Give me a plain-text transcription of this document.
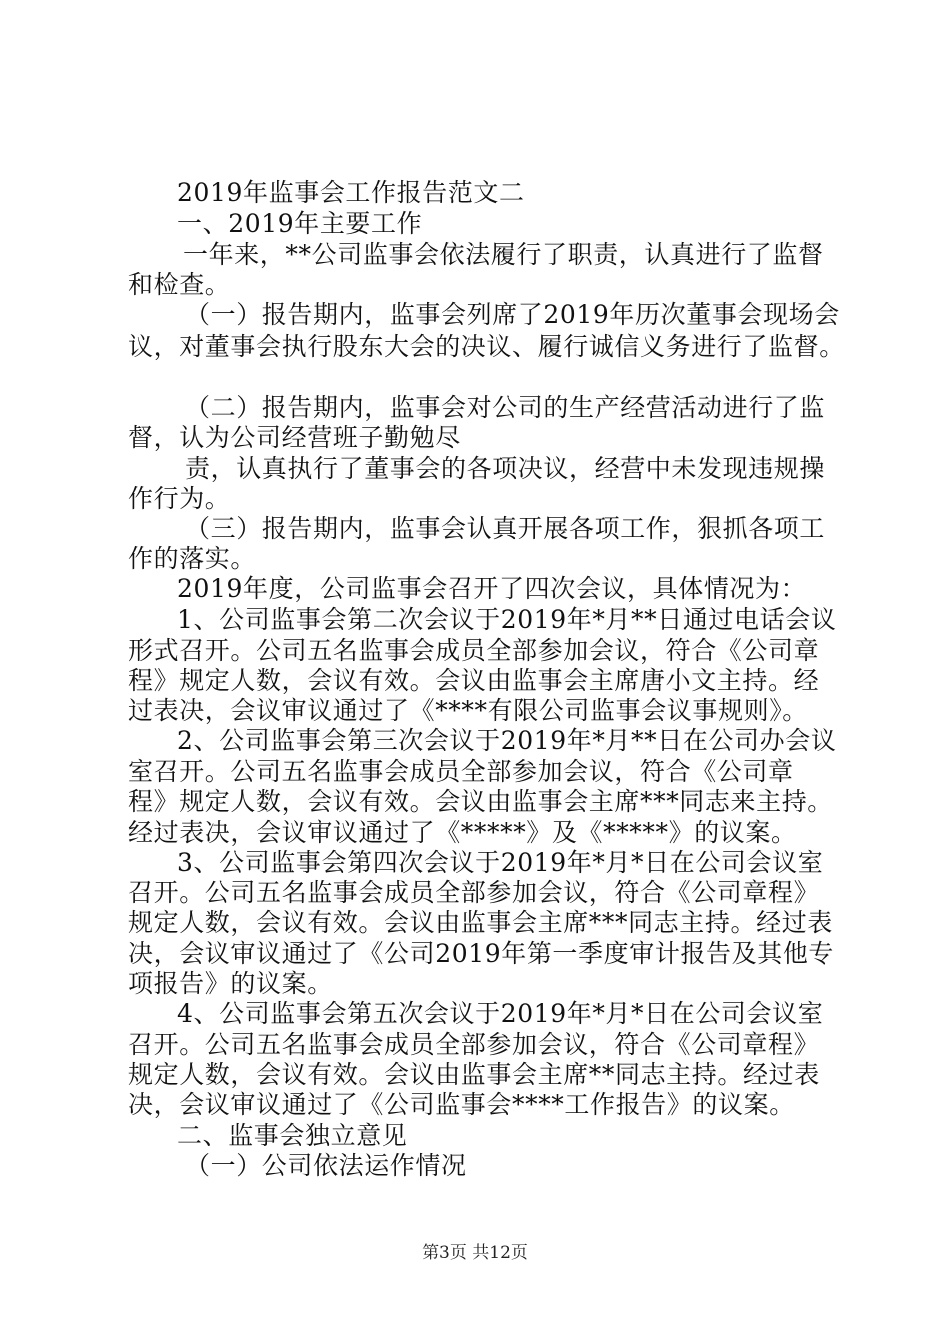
2019年监事会工作报告范文二
一、2019年主要工作
一年来，**公司监事会依法履行了职责，认真进行了监督
和检查。
（一）报告期内，监事会列席了2019年历次董事会现场会
议，对董事会执行股东大会的决议、履行诚信义务进行了监督。
（二）报告期内，监事会对公司的生产经营活动进行了监
督，认为公司经营班子勤勉尽
责，认真执行了董事会的各项决议，经营中未发现违规操
作行为。
（三）报告期内，监事会认真开展各项工作，狠抓各项工
作的落实。
2019年度，公司监事会召开了四次会议，具体情况为：
1、公司监事会第二次会议于2019年*月**日通过电话会议
形式召开。公司五名监事会成员全部参加会议，符合《公司章
程》规定人数，会议有效。会议由监事会主席唐小文主持。经
过表决，会议审议通过了《****有限公司监事会议事规则》。
2、公司监事会第三次会议于2019年*月**日在公司办会议
室召开。公司五名监事会成员全部参加会议，符合《公司章
程》规定人数，会议有效。会议由监事会主席***同志来主持。
经过表决，会议审议通过了《*****》及《*****》的议案。
3、公司监事会第四次会议于2019年*月*日在公司会议室
召开。公司五名监事会成员全部参加会议，符合《公司章程》
规定人数，会议有效。会议由监事会主席***同志主持。经过表
决，会议审议通过了《公司2019年第一季度审计报告及其他专
项报告》的议案。
4、公司监事会第五次会议于2019年*月*日在公司会议室
召开。公司五名监事会成员全部参加会议，符合《公司章程》
规定人数，会议有效。会议由监事会主席**同志主持。经过表
决，会议审议通过了《公司监事会****工作报告》的议案。
二、监事会独立意见
（一）公司依法运作情况
第3页 共12页
